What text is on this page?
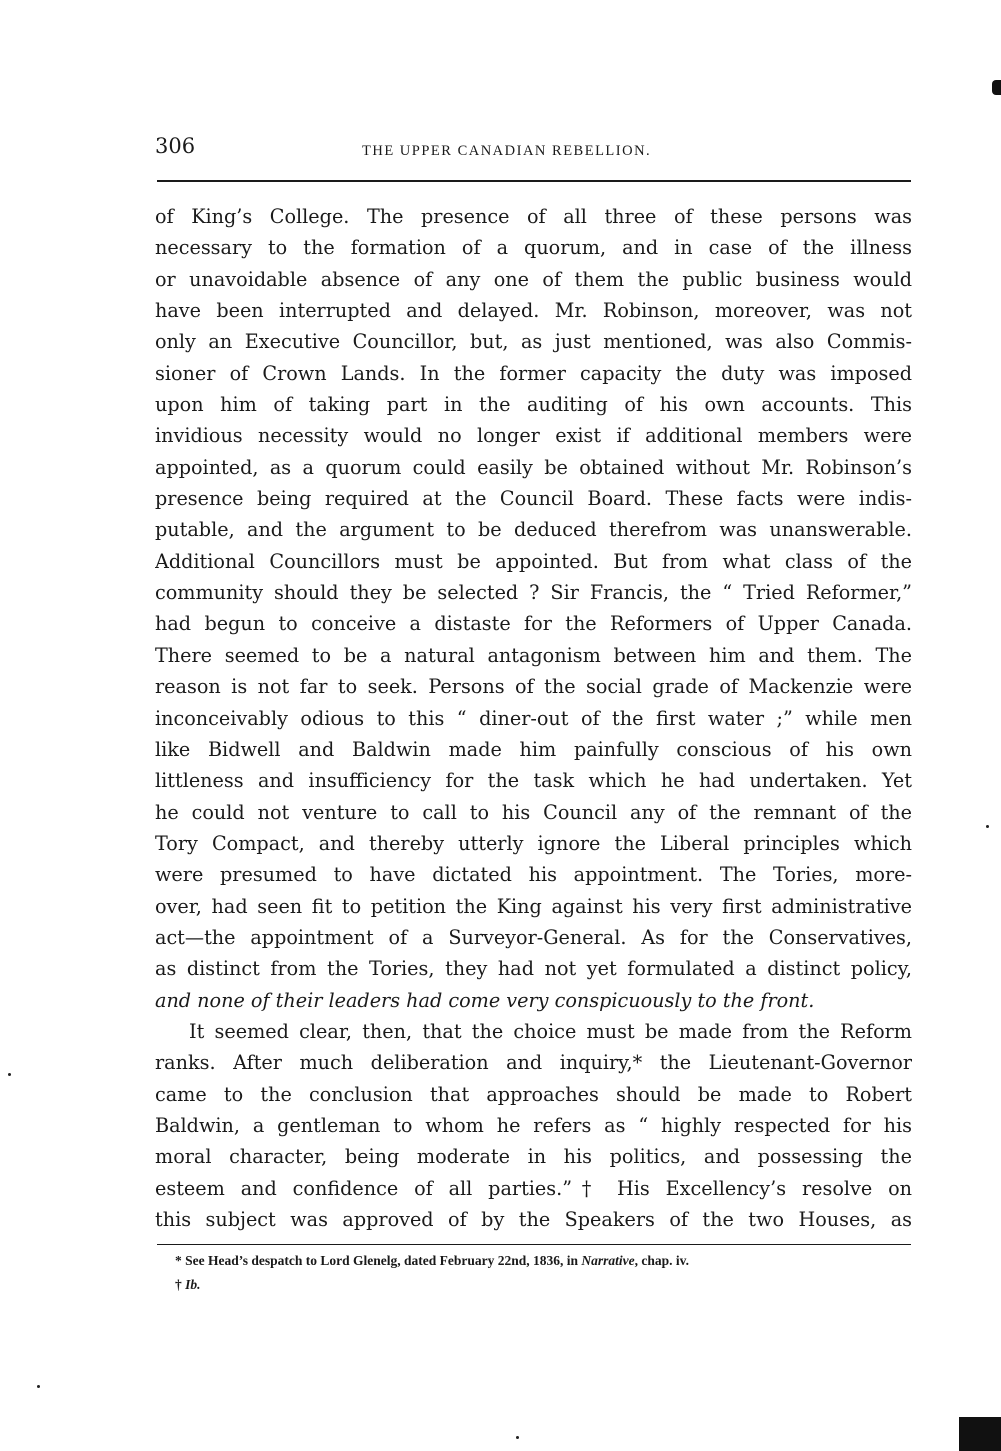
306	THE UPPER CANADIAN REBELLION.
of King’s College. The presence of all three of these persons was
necessary to the formation of a quorum, and in case of the illness
or unavoidable absence of any one of them the public business would
have been interrupted and delayed. Mr. Robinson, moreover, was not
only an Executive Councillor, but, as just mentioned, was also Commis-
sioner of Crown Lands. In the former capacity the duty was imposed
upon him of taking part in the auditing of his own accounts. This
invidious necessity would no longer exist if additional members were
appointed, as a quorum could easily be obtained without Mr. Robinson’s
presence being required at the Council Board. These facts were indis-
putable, and the argument to be deduced therefrom was unanswerable.
Additional Councillors must be appointed. But from what class of the
community should they be selected ? Sir Francis, the “ Tried Reformer,”
had begun to conceive a distaste for the Reformers of Upper Canada.
There seemed to be a natural antagonism between him and them. The
reason is not far to seek. Persons of the social grade of Mackenzie were
inconceivably odious to this “ diner-out of the first water ;” while men
like Bidwell and Baldwin made him painfully conscious of his own
littleness and insufficiency for the task which he had undertaken. Yet
he could not venture to call to his Council any of the remnant of the
Tory Compact, and thereby utterly ignore the Liberal principles which
were presumed to have dictated his appointment. The Tories, more-
over, had seen fit to petition the King against his very first administrative
act—the appointment of a Surveyor-General. As for the Conservatives,
as distinct from the Tories, they had not yet formulated a distinct policy,
and none of their leaders had come very conspicuously to the front.
It seemed clear, then, that the choice must be made from the Reform
ranks. After much deliberation and inquiry,* the Lieutenant-Governor
came to the conclusion that approaches should be made to Robert
Baldwin, a gentleman to whom he refers as “ highly respected for his
moral character, being moderate in his politics, and possessing the
esteem and confidence of all parties.”† His Excellency’s resolve on
this subject was approved of by the Speakers of the two Houses, as
* See Head’s despatch to Lord Glenelg, dated February 22nd, 1836, in Narrative, chap. iv.
† Ib.
